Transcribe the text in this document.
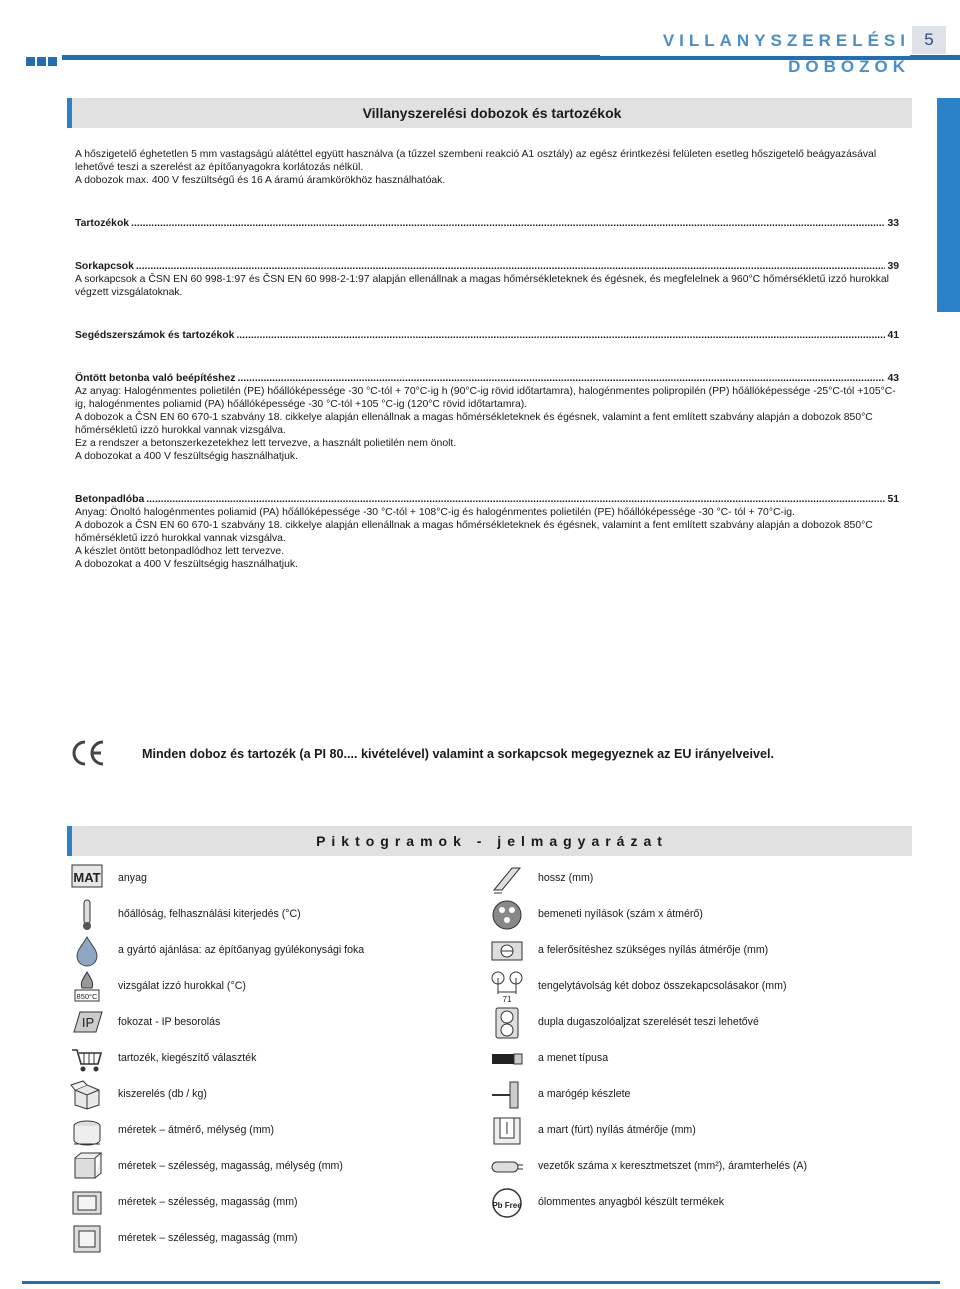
VILLANYSZERELÉSI DOBOZOK
5
Villanyszerelési dobozok és tartozékok

A hőszigetelő éghetetlen 5 mm vastagságú alátéttel együtt használva (a tűzzel szembeni reakció A1 osztály) az egész érintkezési felületen esetleg hőszigetelő beágyazásával lehetővé teszi a szerelést az építőanyagokra korlátozás nélkül.

A dobozok max. 400 V feszültségű és 16 A áramú áramkörökhöz használhatóak.

Tartozékok .....	33
Sorkapcsok .....	39

A sorkapcsok a ČSN EN 60 998-1:97 és ČSN EN 60 998-2-1:97 alapján ellenállnak a magas hőmérsékleteknek és égésnek, és megfelelnek a 960°C hőmérsékletű izzó hurokkal végzett vizsgálatoknak.

Segédszerszámok és tartozékok .....	41
Öntött betonba való beépítéshez .....	43

Az anyag: Halogénmentes polietilén (PE) hőállóképessége -30 °C-tól + 70°C-ig h (90°C-ig rövid időtartamra), halogénmentes polipropilén (PP) hőállóképessége -25°C-tól +105°C-ig, halogénmentes poliamid (PA) hőállóképessége -30 °C-tól +105 °C-ig (120°C rövid időtartamra).

A dobozok a ČSN EN 60 670-1 szabvány 18. cikkelye alapján ellenállnak a magas hőmérsékleteknek és égésnek, valamint a fent említett szabvány alapján a dobozok 850°C hőmérsékletű izzó hurokkal vannak vizsgálva.

Ez a rendszer a betonszerkezetekhez lett tervezve, a használt polietilén nem önolt.

A dobozokat a 400 V feszültségig használhatjuk.

Betonpadlóba .....	51

Anyag: Önoltó halogénmentes poliamid (PA) hőállóképessége -30 °C-tól + 108°C-ig és halogénmentes polietilén (PE) hőállóképessége -30 °C- tól + 70°C-ig.

A dobozok a ČSN EN 60 670-1 szabvány 18. cikkelye alapján ellenállnak a magas hőmérsékleteknek és égésnek, valamint a fent említett szabvány alapján a dobozok 850°C hőmérsékletű izzó hurokkal vannak vizsgálva.

A készlet öntött betonpadlódhoz lett tervezve.

A dobozokat a 400 V feszültségig használhatjuk.

Minden doboz és tartozék (a PI 80.... kivételével) valamint a sorkapcsok megegyeznek az EU irányelveivel.
Piktogramok - jelmagyarázat
MAT anyag
hőállóság, felhasználási kiterjedés (°C)
a gyártó ajánlása: az építőanyag gyúlékonysági foka
850°C
vizsgálat izzó hurokkal (°C)
IP fokozat - IP besorolás
tartozék, kiegészítő választék
kiszerelés (db / kg)
méretek – átmérő, mélység (mm)
méretek – szélesség, magasság, mélység (mm)
méretek – szélesség, magasság (mm)
méretek – szélesség, magasság (mm)
hossz (mm)
bemeneti nyílások (szám x átmérő)
a felerősítéshez szükséges nyílás átmérője (mm)
71
tengelytávolság két doboz összekapcsolásakor (mm)
dupla dugaszolóaljzat szerelését teszi lehetővé
a menet típusa
a marógép készlete
a mart (fúrt) nyílás átmérője (mm)
vezetők száma x keresztmetszet (mm²), áramterhelés (A)
Pb Free ólommentes anyagból készült termékek
